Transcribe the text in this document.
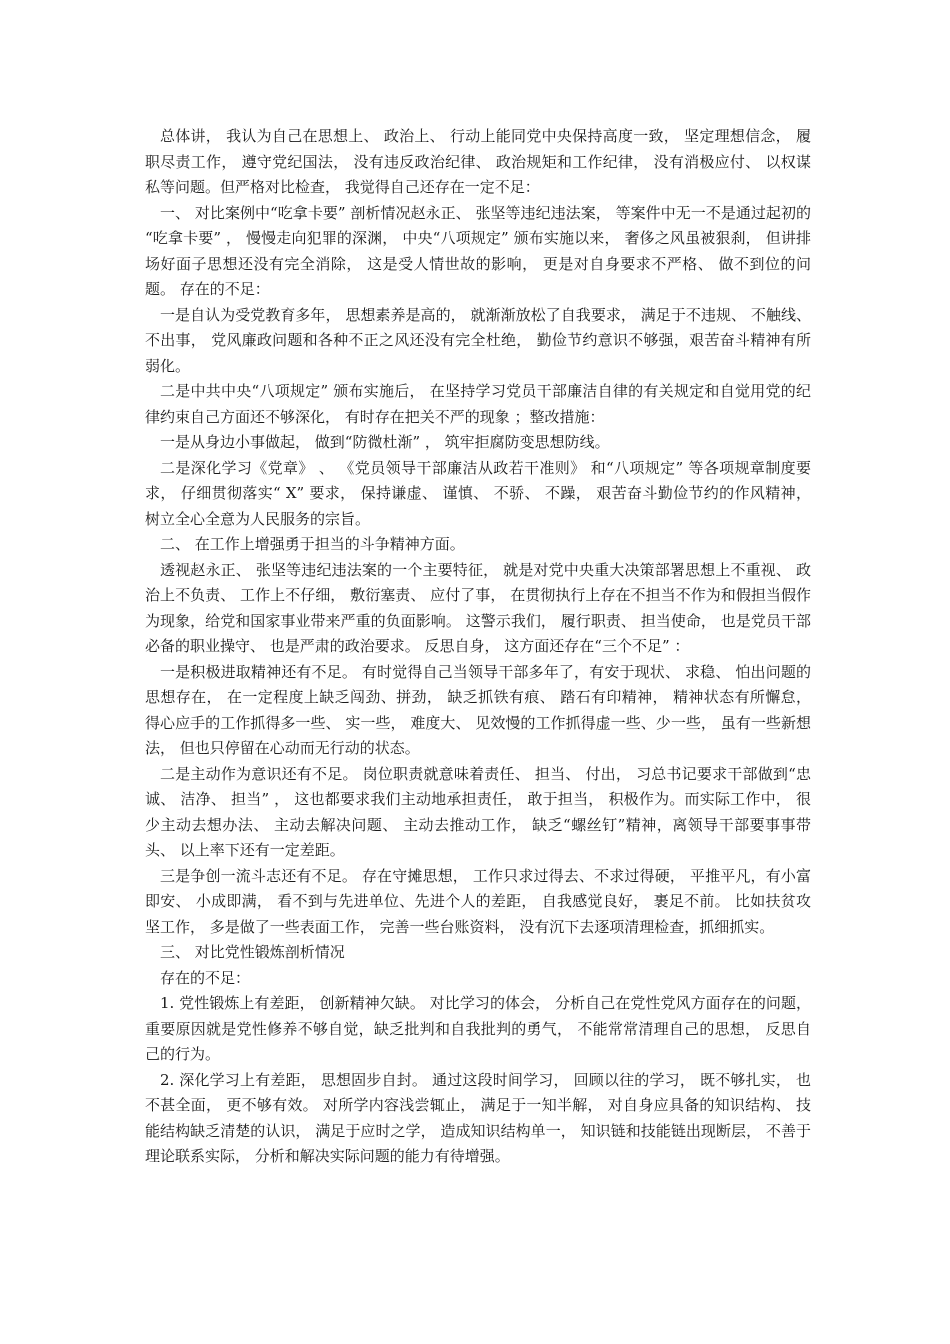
总体讲， 我认为自己在思想上、 政治上、 行动上能同党中央保持高度一致， 坚定理想信念， 履职尽责工作， 遵守党纪国法， 没有违反政治纪律、 政治规矩和工作纪律， 没有消极应付、 以权谋私等问题。但严格对比检查， 我觉得自己还存在一定不足：

一、 对比案例中“吃拿卡要” 剖析情况赵永正、 张坚等违纪违法案， 等案件中无一不是通过起初的 “吃拿卡要” ， 慢慢走向犯罪的深渊， 中央“八项规定” 颁布实施以来， 奢侈之风虽被狠刹， 但讲排场好面子思想还没有完全消除， 这是受人情世故的影响， 更是对自身要求不严格、 做不到位的问题。 存在的不足：

一是自认为受党教育多年， 思想素养是高的， 就渐渐放松了自我要求， 满足于不违规、 不触线、 不出事， 党风廉政问题和各种不正之风还没有完全杜绝， 勤俭节约意识不够强，艰苦奋斗精神有所弱化。

二是中共中央“八项规定” 颁布实施后， 在坚持学习党员干部廉洁自律的有关规定和自觉用党的纪律约束自己方面还不够深化， 有时存在把关不严的现象 ；整改措施：

一是从身边小事做起， 做到“防微杜渐” ， 筑牢拒腐防变思想防线。

二是深化学习《党章》 、 《党员领导干部廉洁从政若干准则》 和“八项规定” 等各项规章制度要求， 仔细贯彻落实“ X” 要求， 保持谦虚、 谨慎、 不骄、 不躁， 艰苦奋斗勤俭节约的作风精神， 树立全心全意为人民服务的宗旨。

二、 在工作上增强勇于担当的斗争精神方面。

透视赵永正、 张坚等违纪违法案的一个主要特征， 就是对党中央重大决策部署思想上不重视、 政治上不负责、 工作上不仔细， 敷衍塞责、 应付了事， 在贯彻执行上存在不担当不作为和假担当假作为现象，给党和国家事业带来严重的负面影响。 这警示我们， 履行职责、 担当使命， 也是党员干部必备的职业操守、 也是严肃的政治要求。 反思自身， 这方面还存在“三个不足” ：

一是积极进取精神还有不足。 有时觉得自己当领导干部多年了，有安于现状、 求稳、 怕出问题的思想存在， 在一定程度上缺乏闯劲、拼劲， 缺乏抓铁有痕、 踏石有印精神， 精神状态有所懈怠， 得心应手的工作抓得多一些、 实一些， 难度大、 见效慢的工作抓得虚一些、少一些， 虽有一些新想法， 但也只停留在心动而无行动的状态。

二是主动作为意识还有不足。 岗位职责就意味着责任、 担当、 付出， 习总书记要求干部做到“忠诚、 洁净、 担当” ， 这也都要求我们主动地承担责任， 敢于担当， 积极作为。而实际工作中， 很少主动去想办法、 主动去解决问题、 主动去推动工作， 缺乏“螺丝钉”精神，离领导干部要事事带头、 以上率下还有一定差距。

三是争创一流斗志还有不足。 存在守摊思想， 工作只求过得去、不求过得硬， 平推平凡，有小富即安、 小成即满， 看不到与先进单位、先进个人的差距， 自我感觉良好， 裹足不前。 比如扶贫攻坚工作， 多是做了一些表面工作， 完善一些台账资料， 没有沉下去逐项清理检查，抓细抓实。

三、 对比党性锻炼剖析情况

存在的不足：

1. 党性锻炼上有差距， 创新精神欠缺。 对比学习的体会， 分析自己在党性党风方面存在的问题， 重要原因就是党性修养不够自觉，缺乏批判和自我批判的勇气， 不能常常清理自己的思想， 反思自己的行为。

2. 深化学习上有差距， 思想固步自封。 通过这段时间学习， 回顾以往的学习， 既不够扎实， 也不甚全面， 更不够有效。 对所学内容浅尝辄止， 满足于一知半解， 对自身应具备的知识结构、 技能结构缺乏清楚的认识， 满足于应时之学， 造成知识结构单一， 知识链和技能链出现断层， 不善于理论联系实际， 分析和解决实际问题的能力有待增强。
